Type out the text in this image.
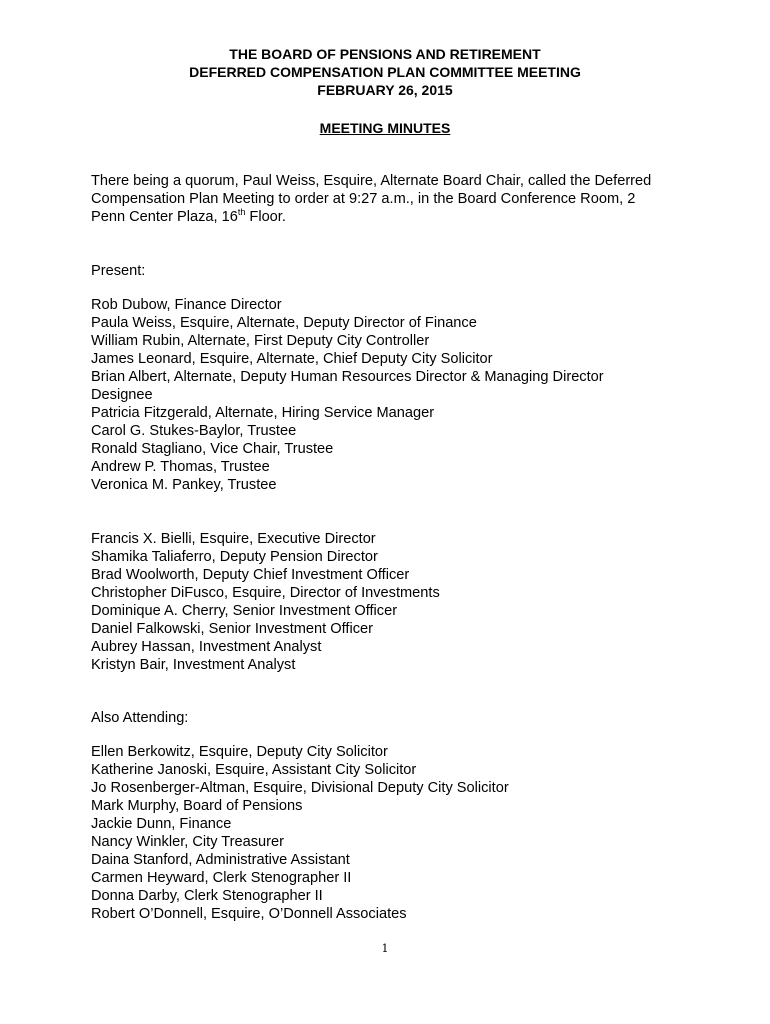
THE BOARD OF PENSIONS AND RETIREMENT
DEFERRED COMPENSATION PLAN COMMITTEE MEETING
FEBRUARY 26, 2015
MEETING MINUTES
There being a quorum, Paul Weiss, Esquire, Alternate Board Chair, called the Deferred
Compensation Plan Meeting to order at 9:27 a.m., in the Board Conference Room, 2
Penn Center Plaza, 16th Floor.
Present:
Rob Dubow, Finance Director
Paula Weiss, Esquire, Alternate, Deputy Director of Finance
William Rubin, Alternate, First Deputy City Controller
James Leonard, Esquire, Alternate, Chief Deputy City Solicitor
Brian Albert, Alternate, Deputy Human Resources Director & Managing Director
Designee
Patricia Fitzgerald, Alternate, Hiring Service Manager
Carol G. Stukes-Baylor, Trustee
Ronald Stagliano, Vice Chair, Trustee
Andrew P. Thomas, Trustee
Veronica M. Pankey, Trustee
Francis X. Bielli, Esquire, Executive Director
Shamika Taliaferro, Deputy Pension Director
Brad Woolworth, Deputy Chief Investment Officer
Christopher DiFusco, Esquire, Director of Investments
Dominique A. Cherry, Senior Investment Officer
Daniel Falkowski, Senior Investment Officer
Aubrey Hassan, Investment Analyst
Kristyn Bair, Investment Analyst
Also Attending:
Ellen Berkowitz, Esquire, Deputy City Solicitor
Katherine Janoski, Esquire, Assistant City Solicitor
Jo Rosenberger-Altman, Esquire, Divisional Deputy City Solicitor
Mark Murphy, Board of Pensions
Jackie Dunn, Finance
Nancy Winkler, City Treasurer
Daina Stanford, Administrative Assistant
Carmen Heyward, Clerk Stenographer II
Donna Darby, Clerk Stenographer II
Robert O’Donnell, Esquire, O’Donnell Associates
1
